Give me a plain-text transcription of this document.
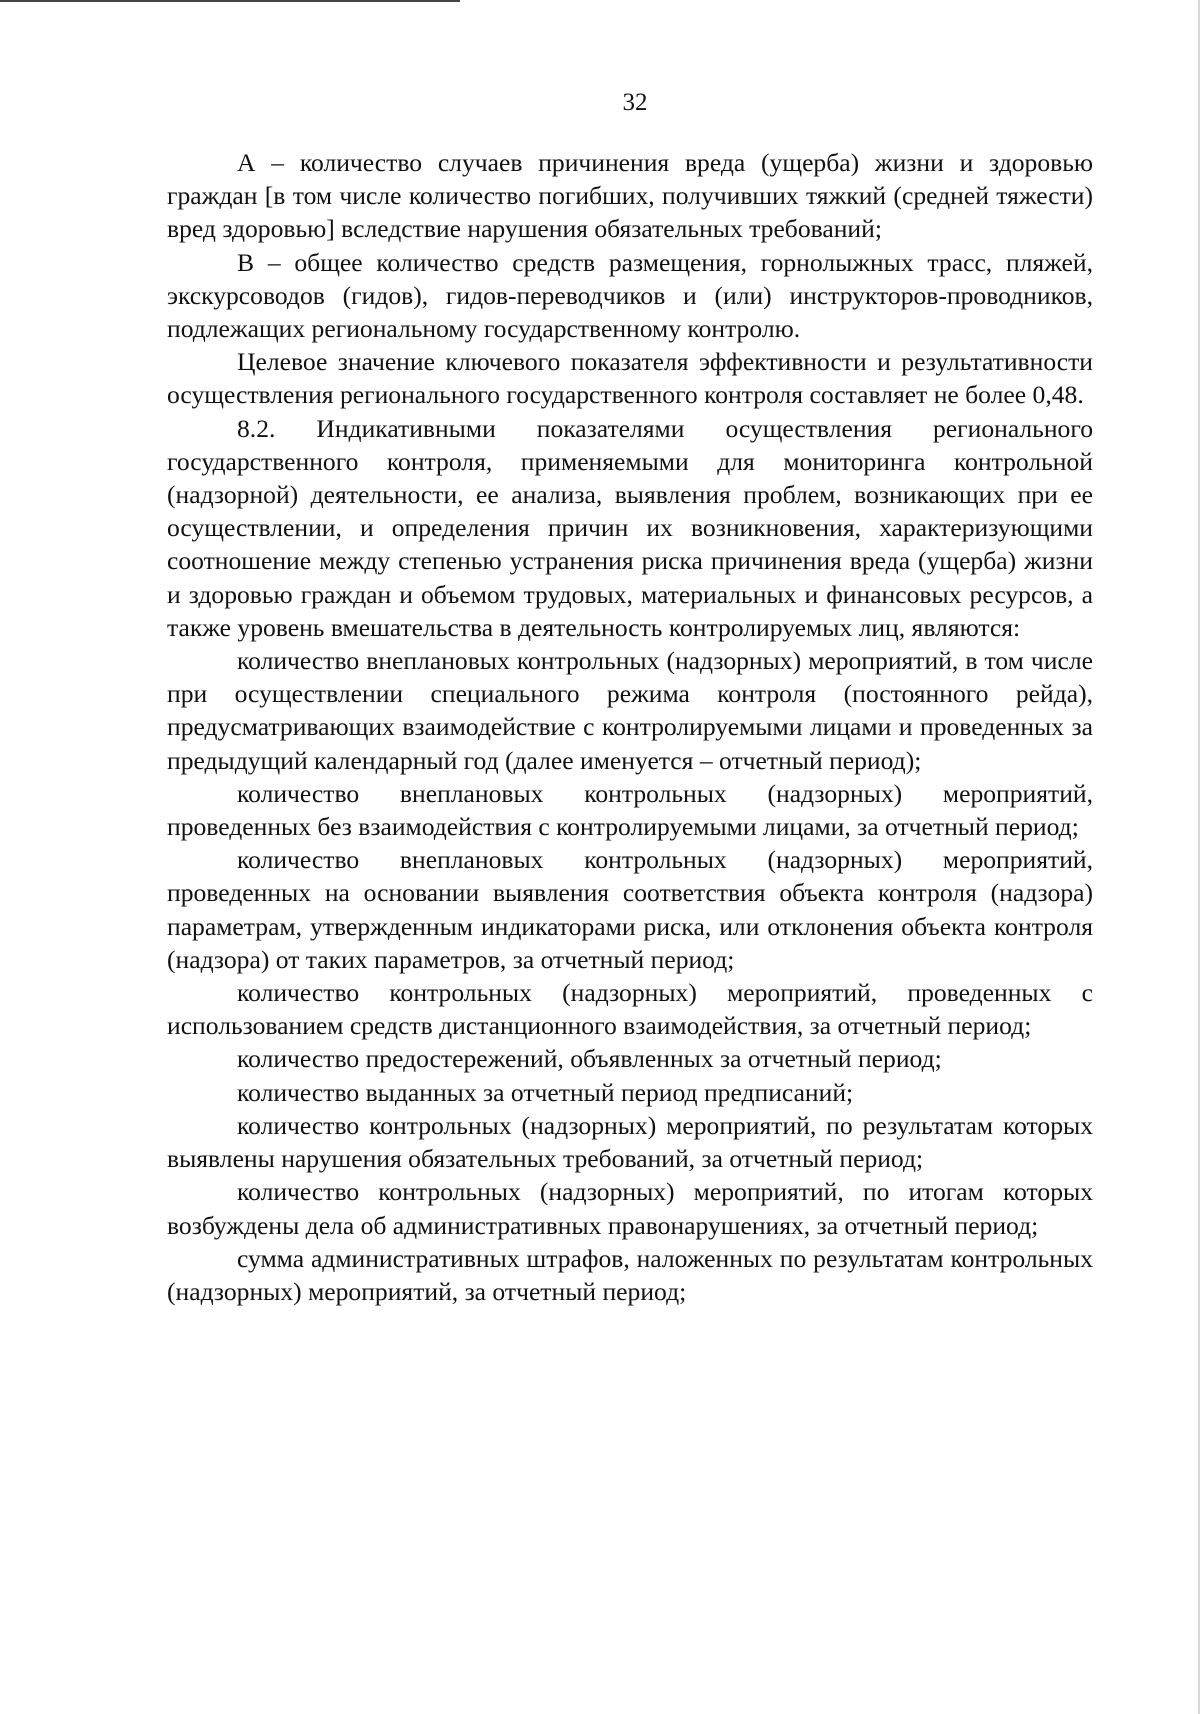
32

А – количество случаев причинения вреда (ущерба) жизни и здоровью граждан [в том числе количество погибших, получивших тяжкий (средней тяжести) вред здоровью] вследствие нарушения обязательных требований;

В – общее количество средств размещения, горнолыжных трасс, пляжей, экскурсоводов (гидов), гидов-переводчиков и (или) инструкторов-проводников, подлежащих региональному государственному контролю.

Целевое значение ключевого показателя эффективности и результативности осуществления регионального государственного контроля составляет не более 0,48.

8.2. Индикативными показателями осуществления регионального государственного контроля, применяемыми для мониторинга контрольной (надзорной) деятельности, ее анализа, выявления проблем, возникающих при ее осуществлении, и определения причин их возникновения, характеризующими соотношение между степенью устранения риска причинения вреда (ущерба) жизни и здоровью граждан и объемом трудовых, материальных и финансовых ресурсов, а также уровень вмешательства в деятельность контролируемых лиц, являются:

количество внеплановых контрольных (надзорных) мероприятий, в том числе при осуществлении специального режима контроля (постоянного рейда), предусматривающих взаимодействие с контролируемыми лицами и проведенных за предыдущий календарный год (далее именуется – отчетный период);

количество внеплановых контрольных (надзорных) мероприятий, проведенных без взаимодействия с контролируемыми лицами, за отчетный период;

количество внеплановых контрольных (надзорных) мероприятий, проведенных на основании выявления соответствия объекта контроля (надзора) параметрам, утвержденным индикаторами риска, или отклонения объекта контроля (надзора) от таких параметров, за отчетный период;

количество контрольных (надзорных) мероприятий, проведенных с использованием средств дистанционного взаимодействия, за отчетный период;

количество предостережений, объявленных за отчетный период;

количество выданных за отчетный период предписаний;

количество контрольных (надзорных) мероприятий, по результатам которых выявлены нарушения обязательных требований, за отчетный период;

количество контрольных (надзорных) мероприятий, по итогам которых возбуждены дела об административных правонарушениях, за отчетный период;

сумма административных штрафов, наложенных по результатам контрольных (надзорных) мероприятий, за отчетный период;
